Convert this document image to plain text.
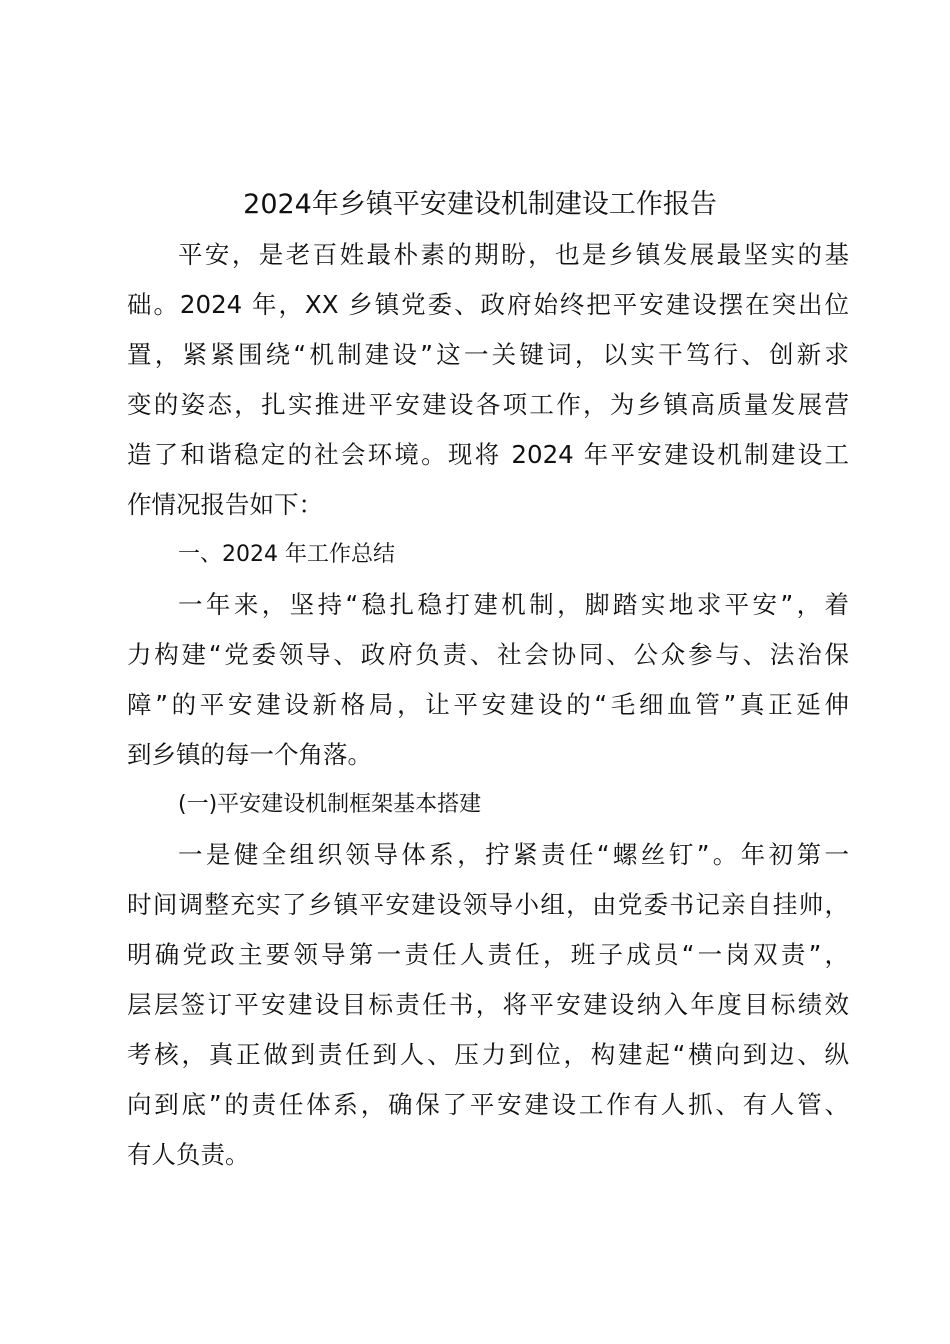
2024年乡镇平安建设机制建设工作报告
平安，是老百姓最朴素的期盼，也是乡镇发展最坚实的基
础。2024 年，XX 乡镇党委、政府始终把平安建设摆在突出位
置，紧紧围绕“机制建设”这一关键词，以实干笃行、创新求
变的姿态，扎实推进平安建设各项工作，为乡镇高质量发展营
造了和谐稳定的社会环境。现将 2024 年平安建设机制建设工
作情况报告如下：
一、2024 年工作总结
一年来，坚持“稳扎稳打建机制，脚踏实地求平安”，着
力构建“党委领导、政府负责、社会协同、公众参与、法治保
障”的平安建设新格局，让平安建设的“毛细血管”真正延伸
到乡镇的每一个角落。
(一)平安建设机制框架基本搭建
一是健全组织领导体系，拧紧责任“螺丝钉”。年初第一
时间调整充实了乡镇平安建设领导小组，由党委书记亲自挂帅，
明确党政主要领导第一责任人责任，班子成员“一岗双责”，
层层签订平安建设目标责任书，将平安建设纳入年度目标绩效
考核，真正做到责任到人、压力到位，构建起“横向到边、纵
向到底”的责任体系，确保了平安建设工作有人抓、有人管、
有人负责。
